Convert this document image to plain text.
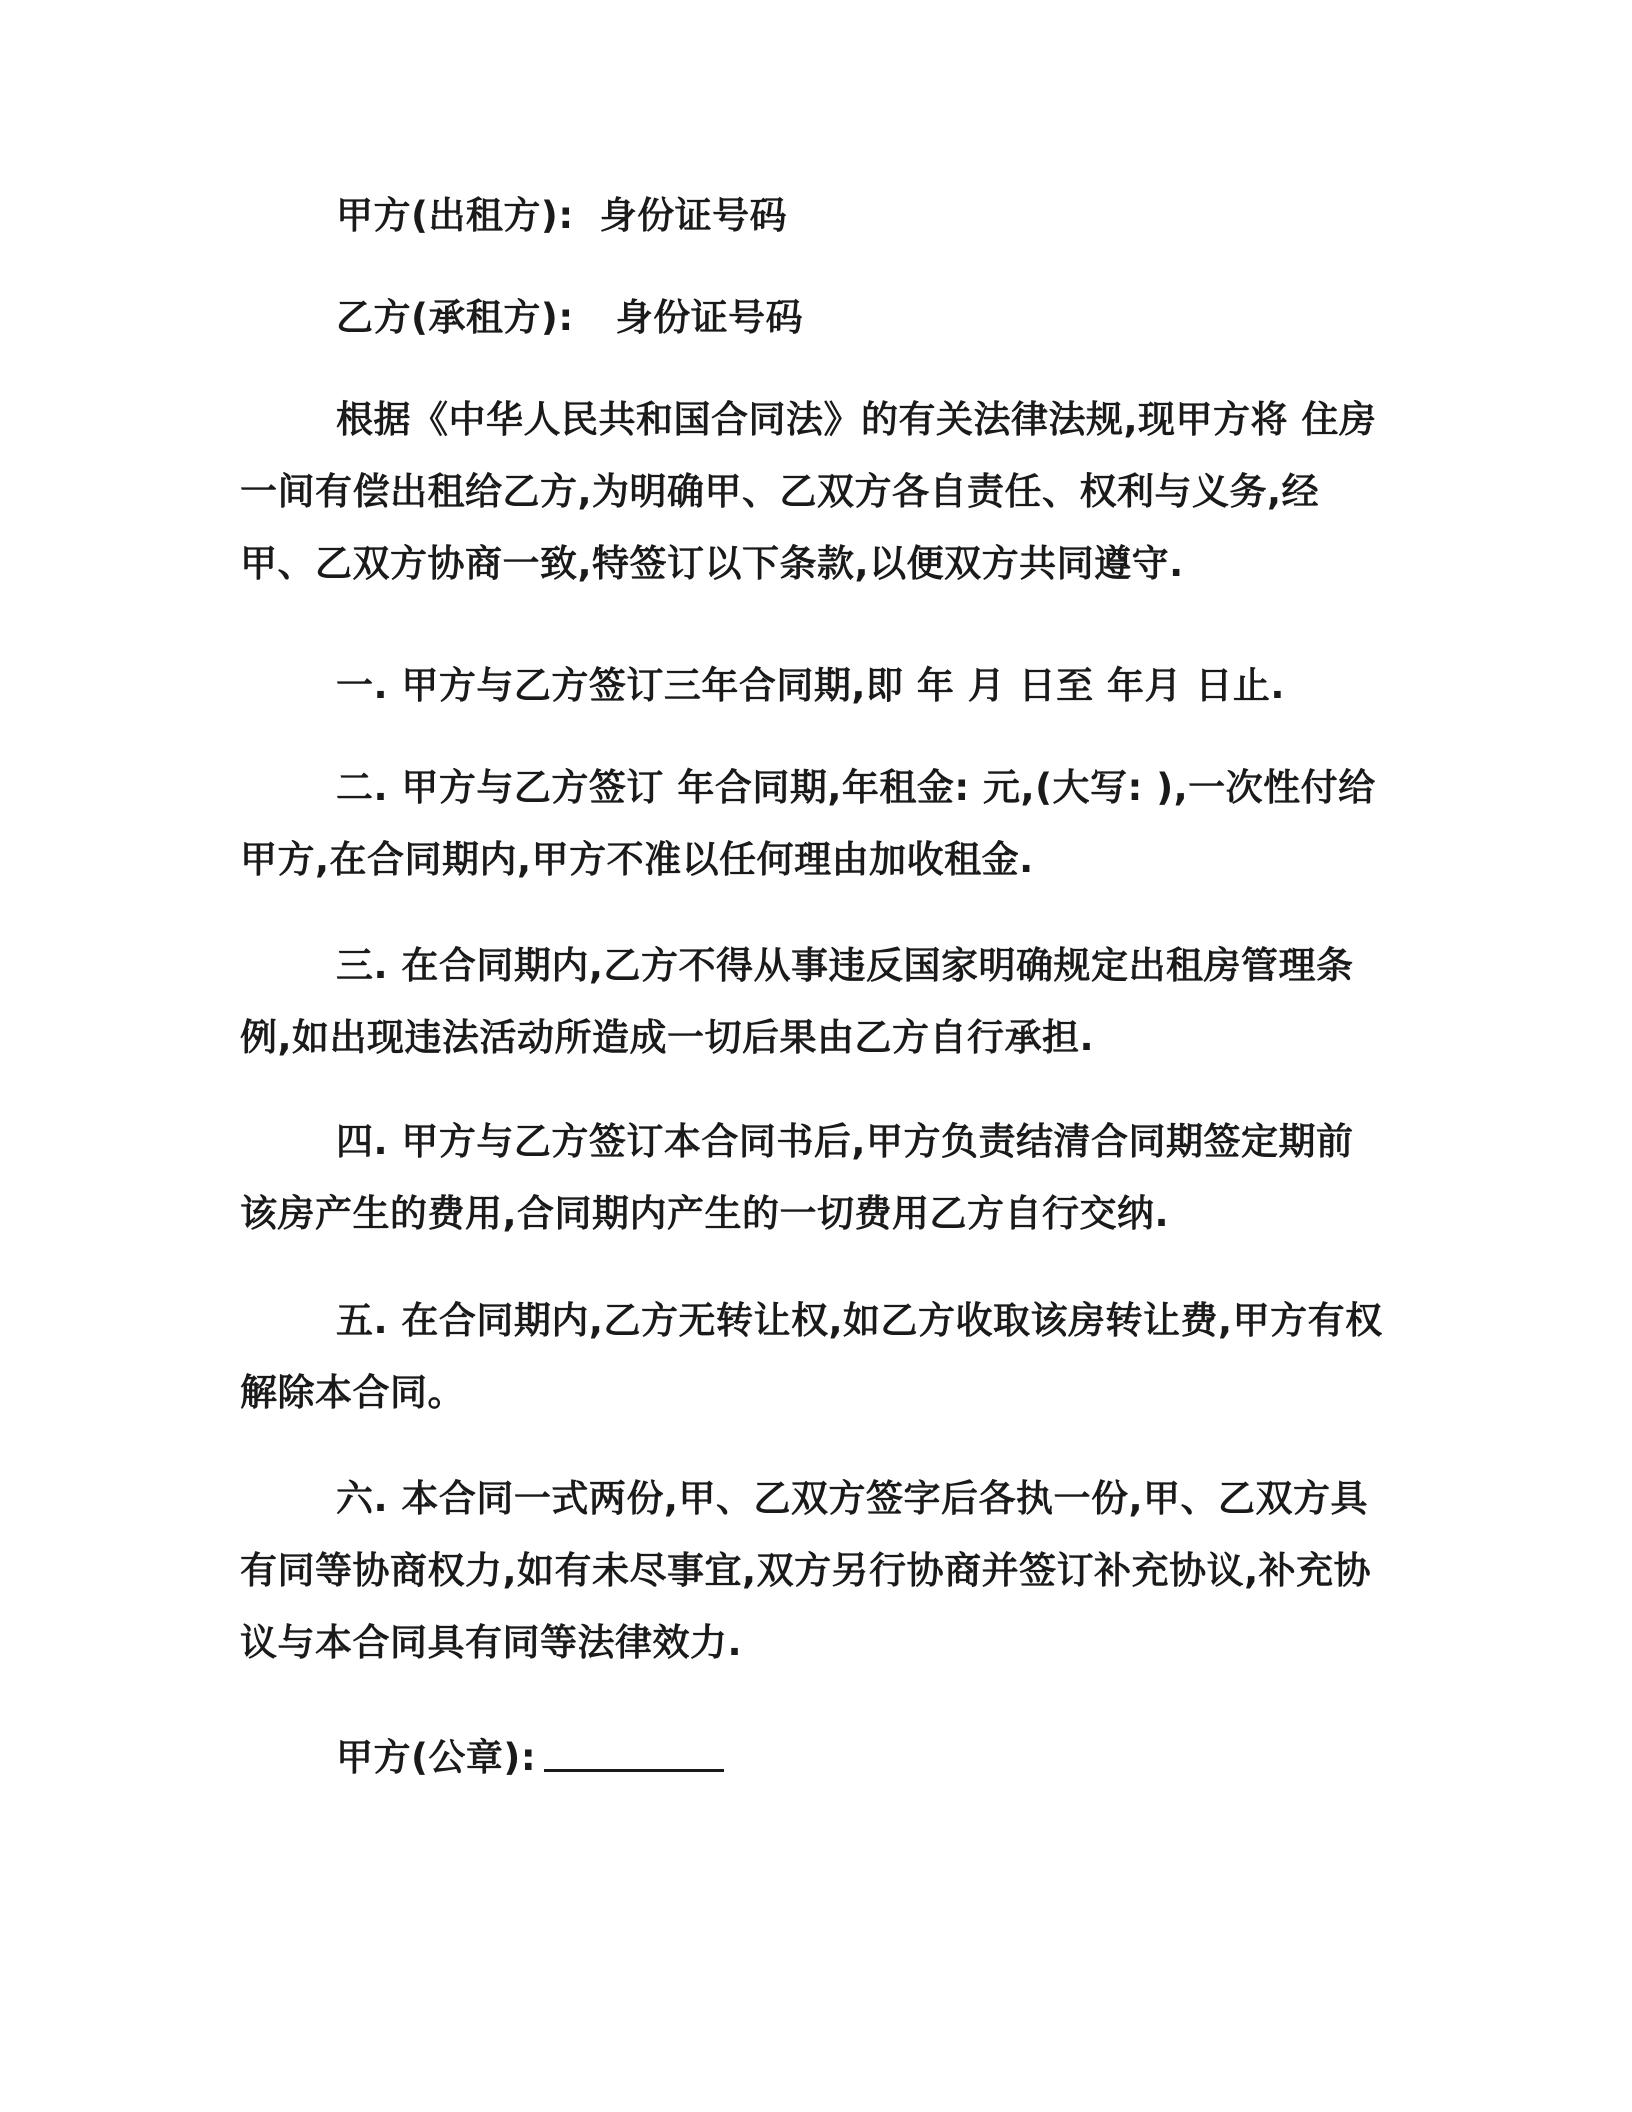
甲方(出租方): 身份证号码

乙方(承租方): 身份证号码

根据《中华人民共和国合同法》的有关法律法规,现甲方将 住房一间有偿出租给乙方,为明确甲、乙双方各自责任、权利与义务,经甲、乙双方协商一致,特签订以下条款,以便双方共同遵守.

一. 甲方与乙方签订三年合同期,即 年 月 日至 年月 日止.

二. 甲方与乙方签订 年合同期,年租金: 元,(大写: ),一次性付给甲方,在合同期内,甲方不准以任何理由加收租金.

三. 在合同期内,乙方不得从事违反国家明确规定出租房管理条例,如出现违法活动所造成一切后果由乙方自行承担.

四. 甲方与乙方签订本合同书后,甲方负责结清合同期签定期前该房产生的费用,合同期内产生的一切费用乙方自行交纳.

五. 在合同期内,乙方无转让权,如乙方收取该房转让费,甲方有权解除本合同。

六. 本合同一式两份,甲、乙双方签字后各执一份,甲、乙双方具有同等协商权力,如有未尽事宜,双方另行协商并签订补充协议,补充协议与本合同具有同等法律效力.

甲方(公章):
